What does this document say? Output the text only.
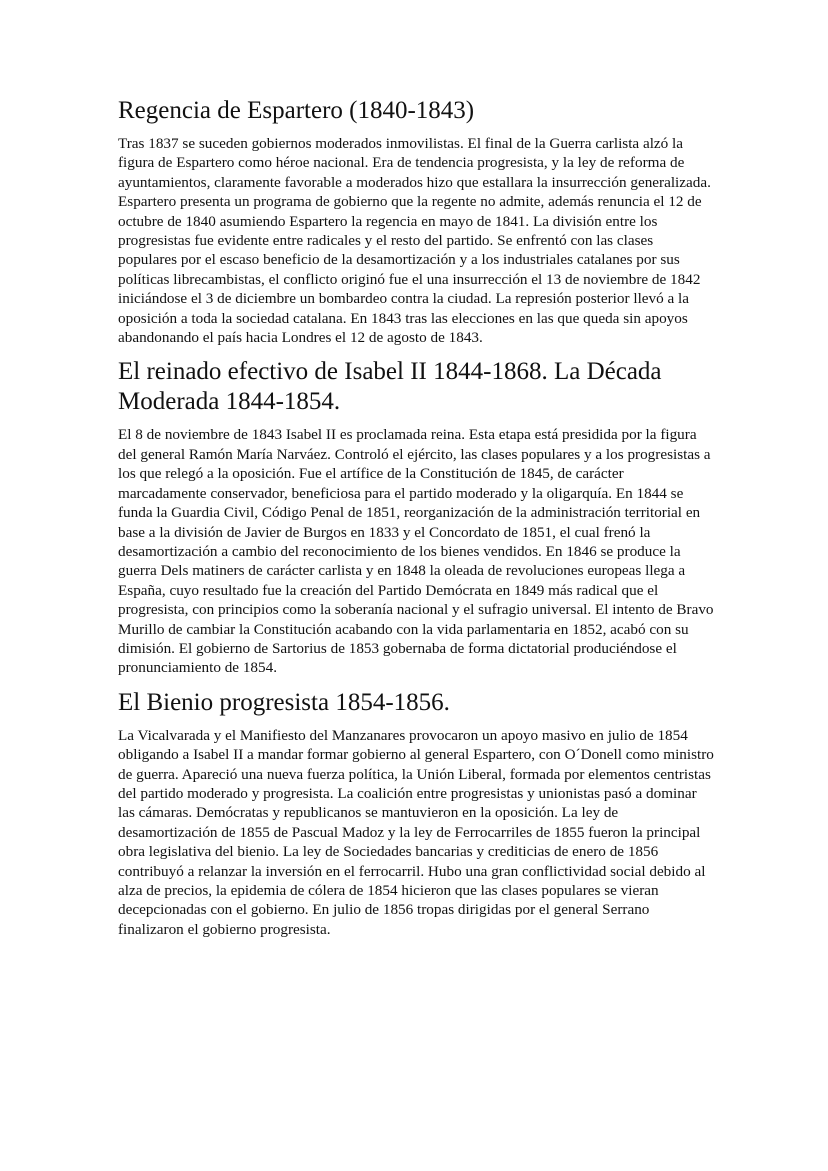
Regencia de Espartero (1840-1843)

Tras 1837 se suceden gobiernos moderados inmovilistas. El final de la Guerra carlista alzó la figura de Espartero como héroe nacional. Era de tendencia progresista, y la ley de reforma de ayuntamientos, claramente favorable a moderados hizo que estallara la insurrección generalizada. Espartero presenta un programa de gobierno que la regente no admite, además renuncia el 12 de octubre de 1840 asumiendo Espartero la regencia en mayo de 1841. La división entre los progresistas fue evidente entre radicales y el resto del partido. Se enfrentó con las clases populares por el escaso beneficio de la desamortización y a los industriales catalanes por sus políticas librecambistas, el conflicto originó fue el una insurrección el 13 de noviembre de 1842 iniciándose el 3 de diciembre un bombardeo contra la ciudad. La represión posterior llevó a la oposición a toda la sociedad catalana. En 1843 tras las elecciones en las que queda sin apoyos abandonando el país hacia Londres el 12 de agosto de 1843.

El reinado efectivo de Isabel II 1844-1868. La Década Moderada 1844-1854.

El 8 de noviembre de 1843 Isabel II es proclamada reina. Esta etapa está presidida por la figura del general Ramón María Narváez. Controló el ejército, las clases populares y a los progresistas a los que relegó a la oposición. Fue el artífice de la Constitución de 1845, de carácter marcadamente conservador, beneficiosa para el partido moderado y la oligarquía. En 1844 se funda la Guardia Civil, Código Penal de 1851, reorganización de la administración territorial en base a la división de Javier de Burgos en 1833 y el Concordato de 1851, el cual frenó la desamortización a cambio del reconocimiento de los bienes vendidos. En 1846 se produce la guerra Dels matiners de carácter carlista y en 1848 la oleada de revoluciones europeas llega a España, cuyo resultado fue la creación del Partido Demócrata en 1849 más radical que el progresista, con principios como la soberanía nacional y el sufragio universal. El intento de Bravo Murillo de cambiar la Constitución acabando con la vida parlamentaria en 1852, acabó con su dimisión. El gobierno de Sartorius de 1853 gobernaba de forma dictatorial produciéndose el pronunciamiento de 1854.

El Bienio progresista 1854-1856.

La Vicalvarada y el Manifiesto del Manzanares provocaron un apoyo masivo en julio de 1854 obligando a Isabel II a mandar formar gobierno al general Espartero, con O´Donell como ministro de guerra. Apareció una nueva fuerza política, la Unión Liberal, formada por elementos centristas del partido moderado y progresista. La coalición entre progresistas y unionistas pasó a dominar las cámaras. Demócratas y republicanos se mantuvieron en la oposición. La ley de desamortización de 1855 de Pascual Madoz y la ley de Ferrocarriles de 1855 fueron la principal obra legislativa del bienio. La ley de Sociedades bancarias y crediticias de enero de 1856 contribuyó a relanzar la inversión en el ferrocarril. Hubo una gran conflictividad social debido al alza de precios, la epidemia de cólera de 1854 hicieron que las clases populares se vieran decepcionadas con el gobierno. En julio de 1856 tropas dirigidas por el general Serrano finalizaron el gobierno progresista.
